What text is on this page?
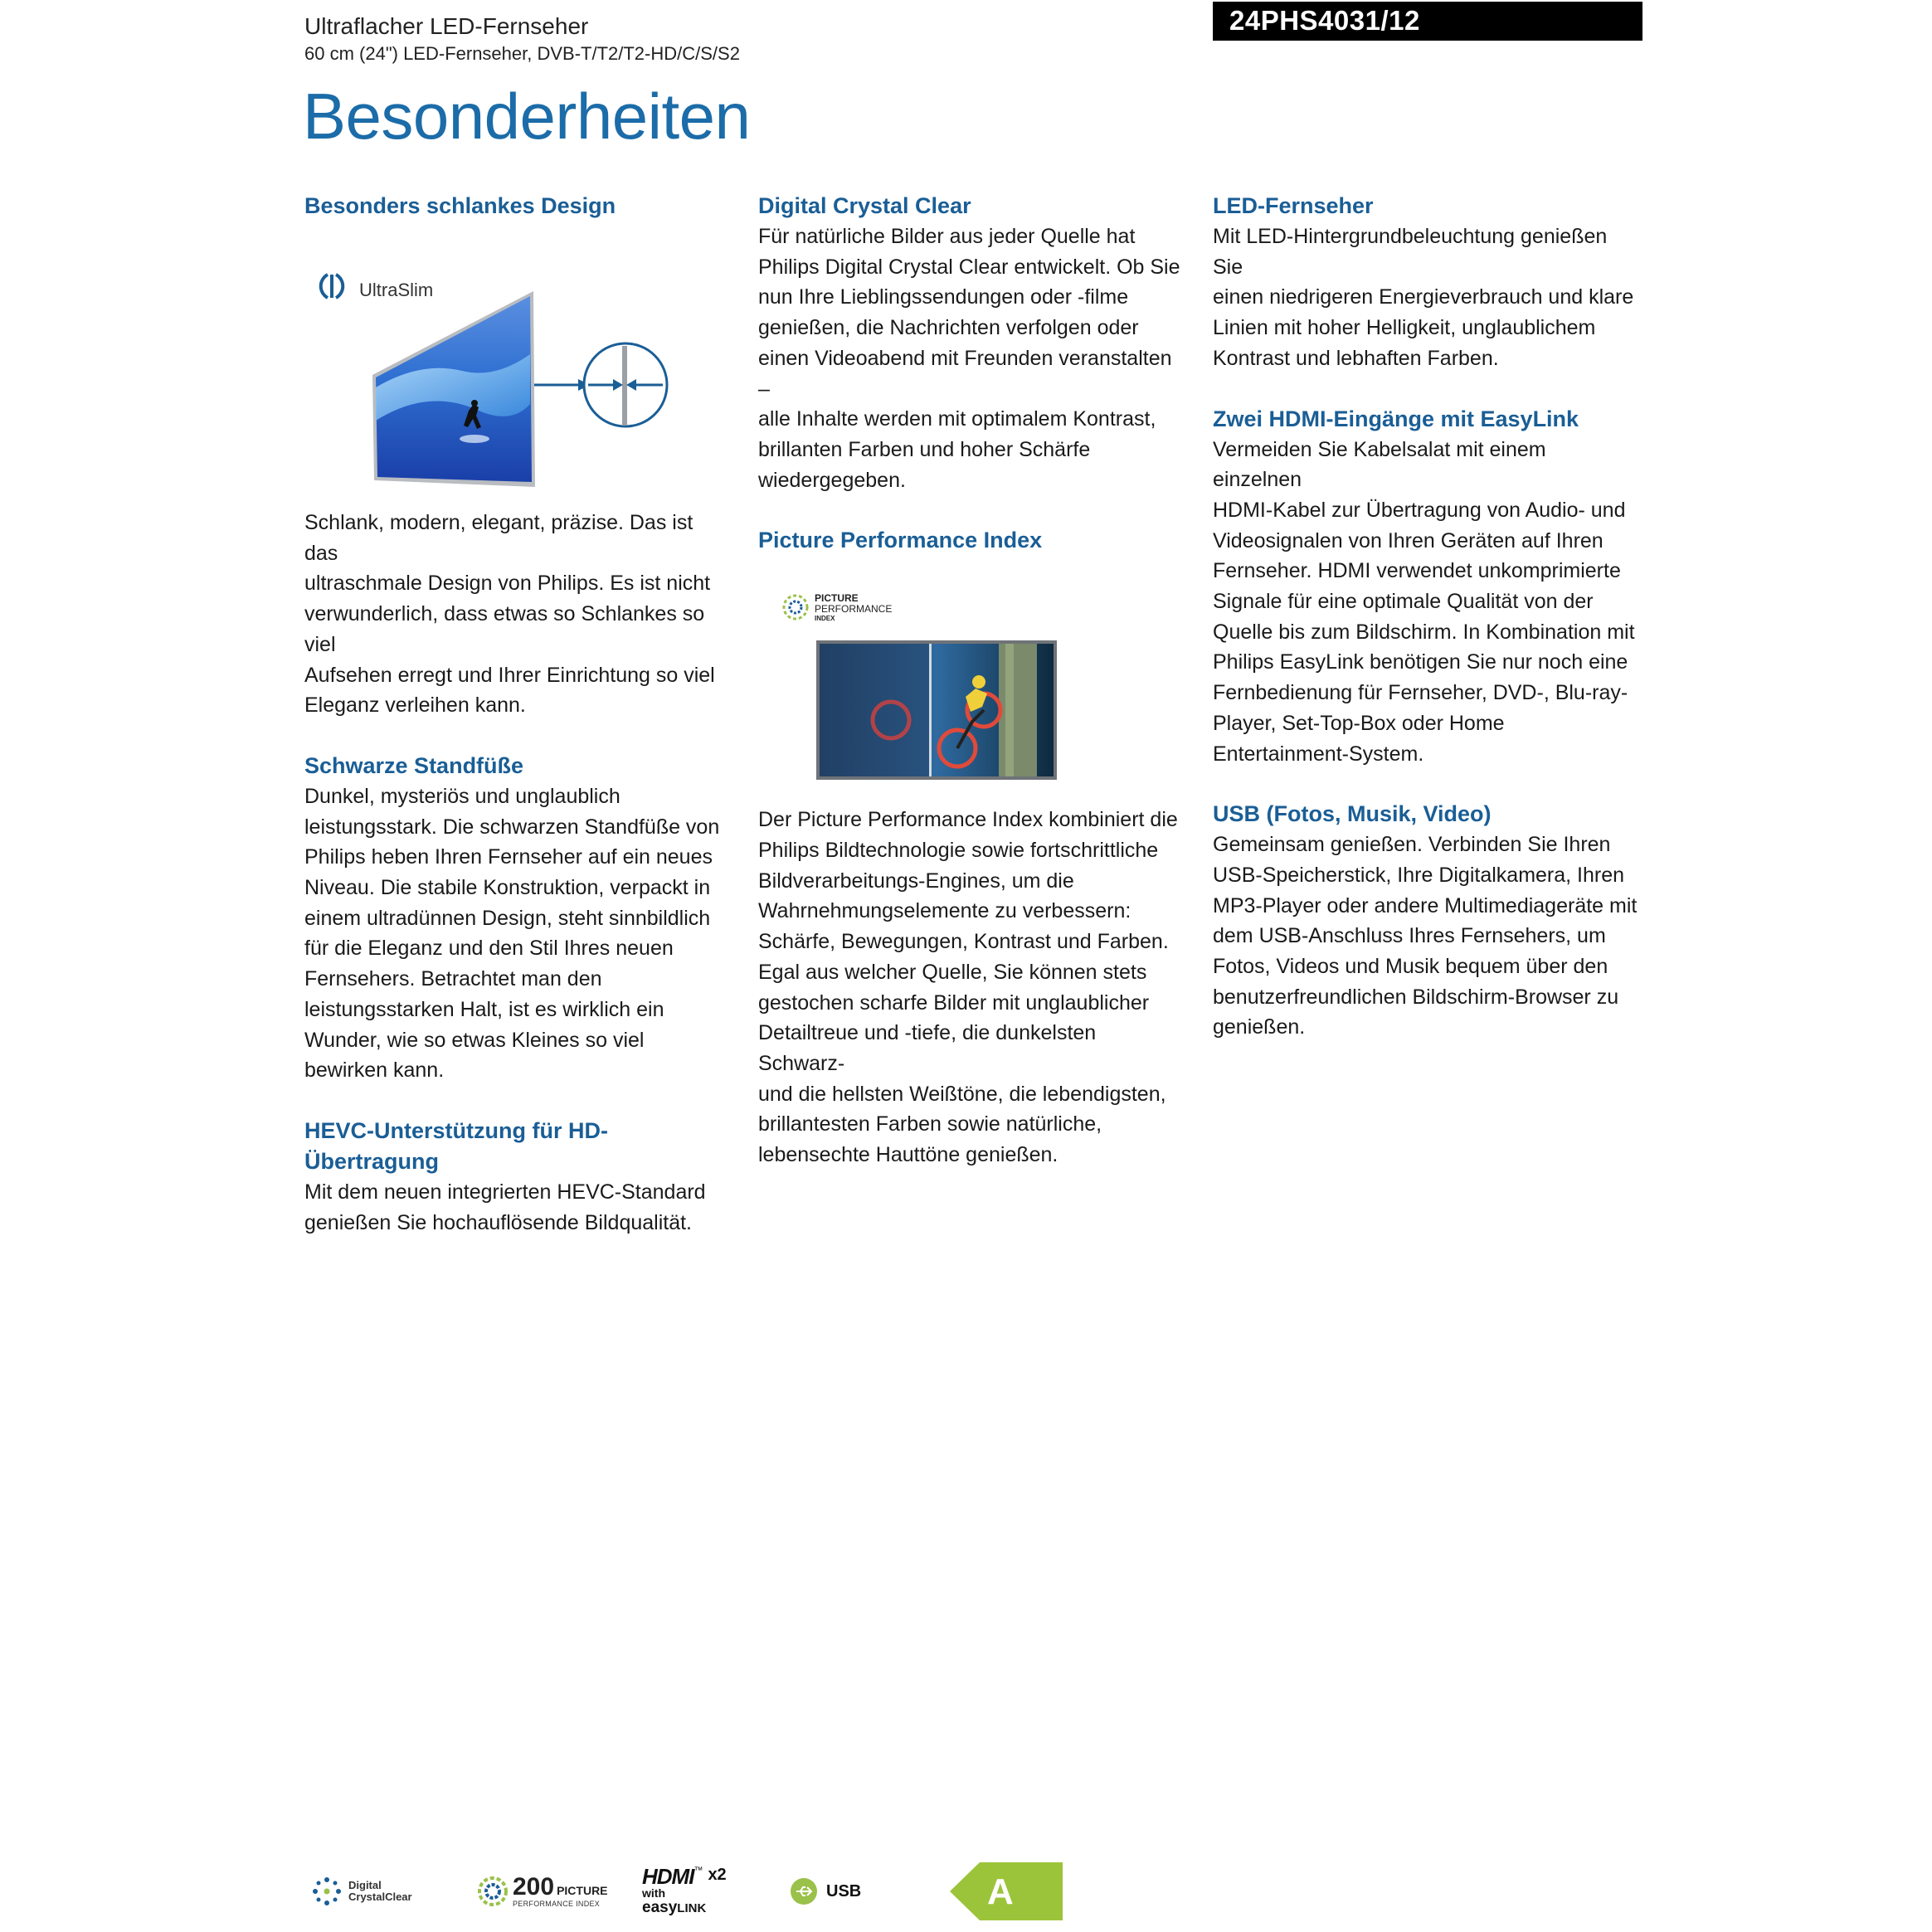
Ultraflacher LED-Fernseher
60 cm (24") LED-Fernseher, DVB-T/T2/T2-HD/C/S/S2
24PHS4031/12
Besonderheiten
Besonders schlankes Design
UltraSlim
Schlank, modern, elegant, präzise. Das ist das
ultraschmale Design von Philips. Es ist nicht
verwunderlich, dass etwas so Schlankes so viel
Aufsehen erregt und Ihrer Einrichtung so viel
Eleganz verleihen kann.
Schwarze Standfüße
Dunkel, mysteriös und unglaublich
leistungsstark. Die schwarzen Standfüße von
Philips heben Ihren Fernseher auf ein neues
Niveau. Die stabile Konstruktion, verpackt in
einem ultradünnen Design, steht sinnbildlich
für die Eleganz und den Stil Ihres neuen
Fernsehers. Betrachtet man den
leistungsstarken Halt, ist es wirklich ein
Wunder, wie so etwas Kleines so viel
bewirken kann.
HEVC-Unterstützung für HD-
Übertragung
Mit dem neuen integrierten HEVC-Standard
genießen Sie hochauflösende Bildqualität.
Digital Crystal Clear
Für natürliche Bilder aus jeder Quelle hat
Philips Digital Crystal Clear entwickelt. Ob Sie
nun Ihre Lieblingssendungen oder -filme
genießen, die Nachrichten verfolgen oder
einen Videoabend mit Freunden veranstalten –
alle Inhalte werden mit optimalem Kontrast,
brillanten Farben und hoher Schärfe
wiedergegeben.
Picture Performance Index
PICTURE
PERFORMANCE
INDEX
Der Picture Performance Index kombiniert die
Philips Bildtechnologie sowie fortschrittliche
Bildverarbeitungs-Engines, um die
Wahrnehmungselemente zu verbessern:
Schärfe, Bewegungen, Kontrast und Farben.
Egal aus welcher Quelle, Sie können stets
gestochen scharfe Bilder mit unglaublicher
Detailtreue und -tiefe, die dunkelsten Schwarz-
und die hellsten Weißtöne, die lebendigsten,
brillantesten Farben sowie natürliche,
lebensechte Hauttöne genießen.
LED-Fernseher
Mit LED-Hintergrundbeleuchtung genießen Sie
einen niedrigeren Energieverbrauch und klare
Linien mit hoher Helligkeit, unglaublichem
Kontrast und lebhaften Farben.
Zwei HDMI-Eingänge mit EasyLink
Vermeiden Sie Kabelsalat mit einem einzelnen
HDMI-Kabel zur Übertragung von Audio- und
Videosignalen von Ihren Geräten auf Ihren
Fernseher. HDMI verwendet unkomprimierte
Signale für eine optimale Qualität von der
Quelle bis zum Bildschirm. In Kombination mit
Philips EasyLink benötigen Sie nur noch eine
Fernbedienung für Fernseher, DVD-, Blu-ray-
Player, Set-Top-Box oder Home
Entertainment-System.
USB (Fotos, Musik, Video)
Gemeinsam genießen. Verbinden Sie Ihren
USB-Speicherstick, Ihre Digitalkamera, Ihren
MP3-Player oder andere Multimediageräte mit
dem USB-Anschluss Ihres Fernsehers, um
Fotos, Videos und Musik bequem über den
benutzerfreundlichen Bildschirm-Browser zu
genießen.
Digital
CrystalClear	200 PICTURE
PERFORMANCE INDEX
HDMI ™ x2
with
easyLINK
USB	A
